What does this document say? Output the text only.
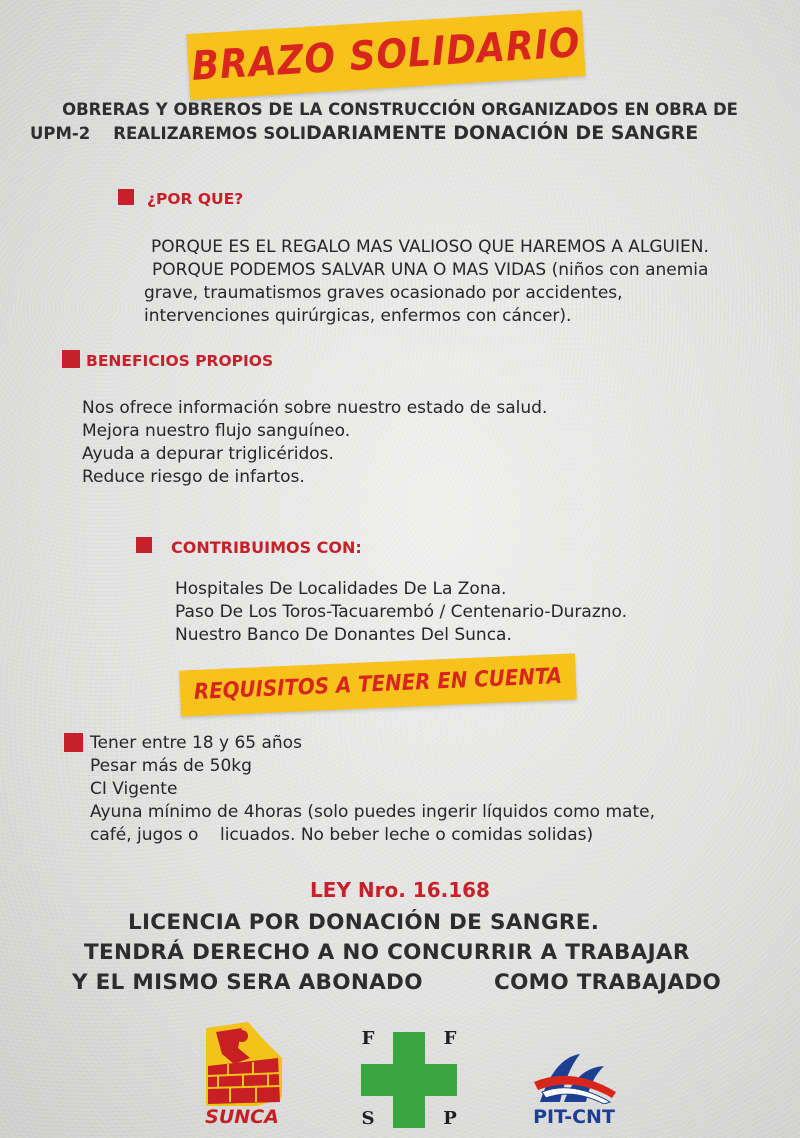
BRAZO SOLIDARIO
OBRERAS Y OBREROS DE LA CONSTRUCCIÓN ORGANIZADOS EN OBRA DE
UPM-2 REALIZAREMOS SOLIDARIAMENTE DONACIÓN DE SANGRE
¿POR QUE?
PORQUE ES EL REGALO MAS VALIOSO QUE HAREMOS A ALGUIEN.
PORQUE PODEMOS SALVAR UNA O MAS VIDAS (niños con anemia
grave, traumatismos graves ocasionado por accidentes,
intervenciones quirúrgicas, enfermos con cáncer).
BENEFICIOS PROPIOS
Nos ofrece información sobre nuestro estado de salud.
Mejora nuestro flujo sanguíneo.
Ayuda a depurar triglicéridos.
Reduce riesgo de infartos.
CONTRIBUIMOS CON:
Hospitales De Localidades De La Zona.
Paso De Los Toros-Tacuarembó / Centenario-Durazno.
Nuestro Banco De Donantes Del Sunca.
REQUISITOS A TENER EN CUENTA
Tener entre 18 y 65 años
Pesar más de 50kg
CI Vigente
Ayuna mínimo de 4horas (solo puedes ingerir líquidos como mate,
café, jugos o    licuados. No beber leche o comidas solidas)
LEY Nro. 16.168
LICENCIA POR DONACIÓN DE SANGRE.
TENDRÁ DERECHO A NO CONCURRIR A TRABAJAR
Y EL MISMO SERA ABONADO	COMO TRABAJADO
SUNCA
F	F
S	P	PIT-CNT
